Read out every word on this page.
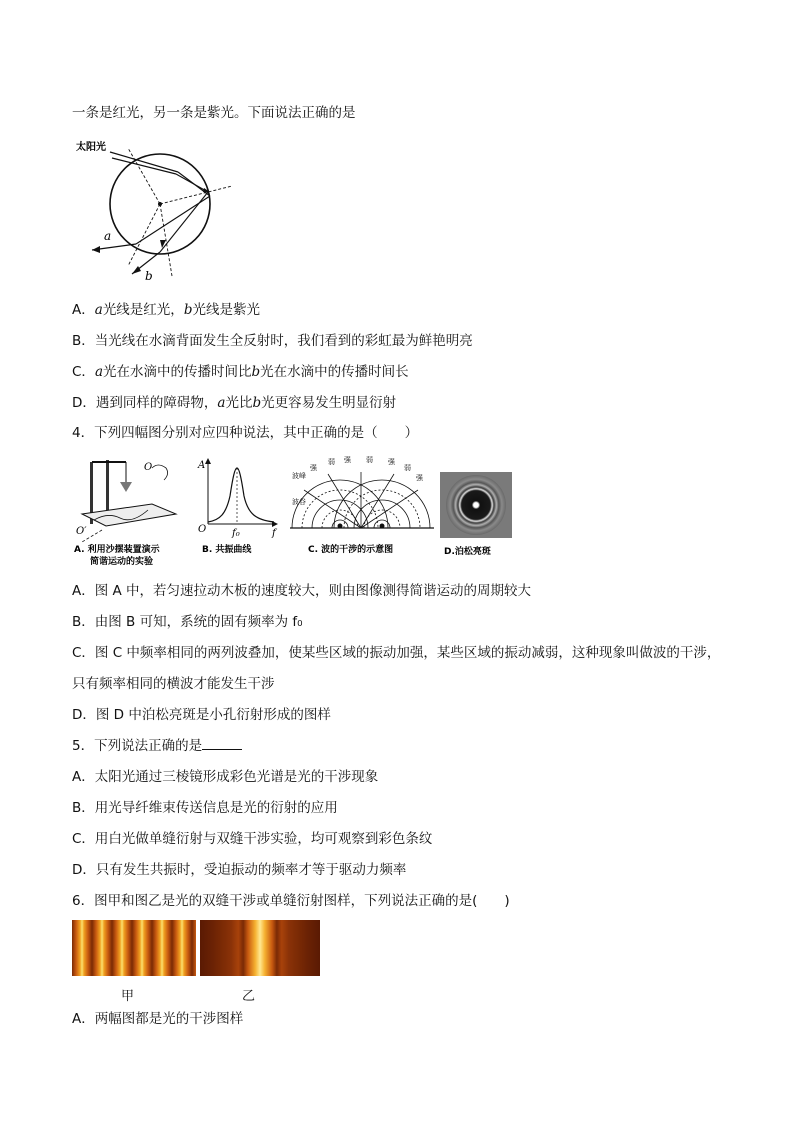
一条是红光，另一条是紫光。下面说法正确的是
太阳光
a
b
A．a光线是红光，b光线是紫光
B．当光线在水滴背面发生全反射时，我们看到的彩虹最为鲜艳明亮
C．a光在水滴中的传播时间比b光在水滴中的传播时间长
D．遇到同样的障碍物，a光比b光更容易发生明显衍射
4．下列四幅图分别对应四种说法，其中正确的是（　　）
O
O′
A. 利用沙摆装置演示
简谐运动的实验
A
O	f₀	f
B. 共振曲线
波峰
波谷
强
弱 强 弱 强
弱
强
C. 波的干涉的示意图	D.泊松亮斑
A．图 A 中，若匀速拉动木板的速度较大，则由图像测得简谐运动的周期较大
B．由图 B 可知，系统的固有频率为 f₀
C．图 C 中频率相同的两列波叠加，使某些区域的振动加强，某些区域的振动减弱，这种现象叫做波的干涉，
只有频率相同的横波才能发生干涉
D．图 D 中泊松亮斑是小孔衍射形成的图样
5．下列说法正确的是
A．太阳光通过三棱镜形成彩色光谱是光的干涉现象
B．用光导纤维束传送信息是光的衍射的应用
C．用白光做单缝衍射与双缝干涉实验，均可观察到彩色条纹
D．只有发生共振时，受迫振动的频率才等于驱动力频率
6．图甲和图乙是光的双缝干涉或单缝衍射图样，下列说法正确的是(　　)
甲	乙
A．两幅图都是光的干涉图样
